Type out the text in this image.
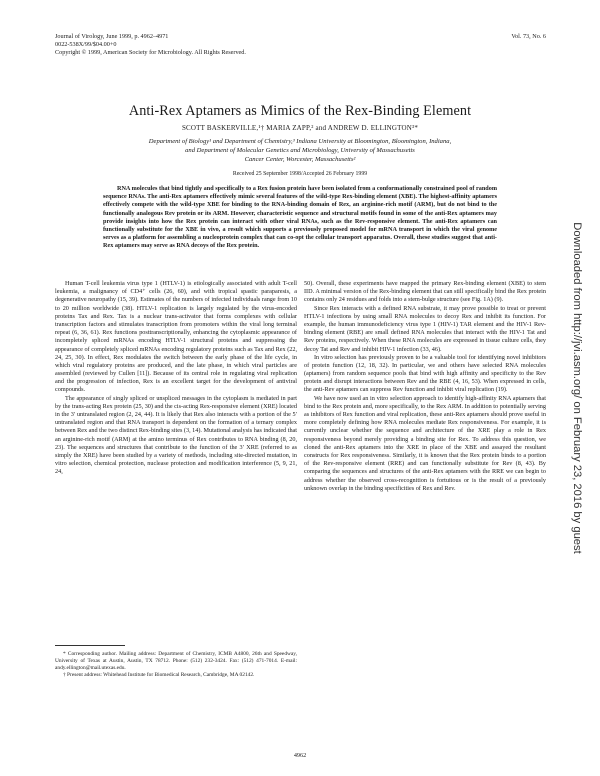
Journal of Virology, June 1999, p. 4962–4971
0022-538X/99/$04.00+0
Copyright © 1999, American Society for Microbiology. All Rights Reserved.
Vol. 73, No. 6
Anti-Rex Aptamers as Mimics of the Rex-Binding Element
SCOTT BASKERVILLE,¹† MARIA ZAPP,² and ANDREW D. ELLINGTON³*
Department of Biology¹ and Department of Chemistry,³ Indiana University at Bloomington, Bloomington, Indiana,
and Department of Molecular Genetics and Microbiology, University of Massachusetts
Cancer Center, Worcester, Massachusetts²
Received 25 September 1998/Accepted 26 February 1999
RNA molecules that bind tightly and specifically to a Rex fusion protein have been isolated from a conformationally constrained pool of random sequence RNAs. The anti-Rex aptamers effectively mimic several features of the wild-type Rex-binding element (XBE). The highest-affinity aptamers effectively compete with the wild-type XBE for binding to the RNA-binding domain of Rex, an arginine-rich motif (ARM), but do not bind to the functionally analogous Rev protein or its ARM. However, characteristic sequence and structural motifs found in some of the anti-Rex aptamers may provide insights into how the Rex protein can interact with other viral RNAs, such as the Rev-responsive element. The anti-Rex aptamers can functionally substitute for the XBE in vivo, a result which supports a previously proposed model for mRNA transport in which the viral genome serves as a platform for assembling a nucleoprotein complex that can co-opt the cellular transport apparatus. Overall, these studies suggest that anti-Rex aptamers may serve as RNA decoys of the Rex protein.

Human T-cell leukemia virus type 1 (HTLV-1) is etiologically associated with adult T-cell leukemia, a malignancy of CD4⁺ cells (26, 60), and with tropical spastic paraparesis, a degenerative neuropathy (15, 39). Estimates of the numbers of infected individuals range from 10 to 20 million worldwide (38). HTLV-1 replication is largely regulated by the virus-encoded proteins Tax and Rex. Tax is a nuclear trans-activator that forms complexes with cellular transcription factors and stimulates transcription from promoters within the viral long terminal repeat (6, 36, 61). Rex functions posttranscriptionally, enhancing the cytoplasmic appearance of incompletely spliced mRNAs encoding HTLV-1 structural proteins and suppressing the appearance of completely spliced mRNAs encoding regulatory proteins such as Tax and Rex (22, 24, 25, 30). In effect, Rex modulates the switch between the early phase of the life cycle, in which viral regulatory proteins are produced, and the late phase, in which viral particles are assembled (reviewed by Cullen [11]). Because of its central role in regulating viral replication and the progression of infection, Rex is an excellent target for the development of antiviral compounds.

The appearance of singly spliced or unspliced messages in the cytoplasm is mediated in part by the trans-acting Rex protein (25, 30) and the cis-acting Rex-responsive element (XRE) located in the 3′ untranslated region (2, 24, 44). It is likely that Rex also interacts with a portion of the 5′ untranslated region and that RNA transport is dependent on the formation of a ternary complex between Rex and the two distinct Rex-binding sites (3, 14). Mutational analysis has indicated that an arginine-rich motif (ARM) at the amino terminus of Rex contributes to RNA binding (8, 20, 23). The sequences and structures that contribute to the function of the 3′ XRE (referred to as simply the XRE) have been studied by a variety of methods, including site-directed mutation, in vitro selection, chemical protection, nuclease protection and modification interference (5, 9, 21, 24,

* Corresponding author. Mailing address: Department of Chemistry, ICMB A4800, 26th and Speedway, University of Texas at Austin, Austin, TX 78712. Phone: (512) 232-3424. Fax: (512) 471-7014. E-mail: andy.ellington@mail.utexas.edu.

† Present address: Whitehead Institute for Biomedical Research, Cambridge, MA 02142.

50). Overall, these experiments have mapped the primary Rex-binding element (XBE) to stem IID. A minimal version of the Rex-binding element that can still specifically bind the Rex protein contains only 24 residues and folds into a stem-bulge structure (see Fig. 1A) (9).

Since Rex interacts with a defined RNA substrate, it may prove possible to treat or prevent HTLV-1 infections by using small RNA molecules to decoy Rex and inhibit its function. For example, the human immunodeficiency virus type 1 (HIV-1) TAR element and the HIV-1 Rev-binding element (RBE) are small defined RNA molecules that interact with the HIV-1 Tat and Rev proteins, respectively. When these RNA molecules are expressed in tissue culture cells, they decoy Tat and Rev and inhibit HIV-1 infection (33, 46).

In vitro selection has previously proven to be a valuable tool for identifying novel inhibitors of protein function (12, 18, 32). In particular, we and others have selected RNA molecules (aptamers) from random sequence pools that bind with high affinity and specificity to the Rev protein and disrupt interactions between Rev and the RBE (4, 16, 53). When expressed in cells, the anti-Rev aptamers can suppress Rev function and inhibit viral replication (19).

We have now used an in vitro selection approach to identify high-affinity RNA aptamers that bind to the Rex protein and, more specifically, to the Rex ARM. In addition to potentially serving as inhibitors of Rex function and viral replication, these anti-Rex aptamers should prove useful in more completely defining how RNA molecules mediate Rex responsiveness. For example, it is currently unclear whether the sequence and architecture of the XRE play a role in Rex responsiveness beyond merely providing a binding site for Rex. To address this question, we cloned the anti-Rex aptamers into the XRE in place of the XBE and assayed the resultant constructs for Rex responsiveness. Similarly, it is known that the Rex protein binds to a portion of the Rev-responsive element (RRE) and can functionally substitute for Rev (8, 43). By comparing the sequences and structures of the anti-Rex aptamers with the RRE we can begin to address whether the observed cross-recognition is fortuitous or is the result of a previously unknown overlap in the binding specificities of Rex and Rev.

4962
Downloaded from http://jvi.asm.org/ on February 23, 2016 by guest
